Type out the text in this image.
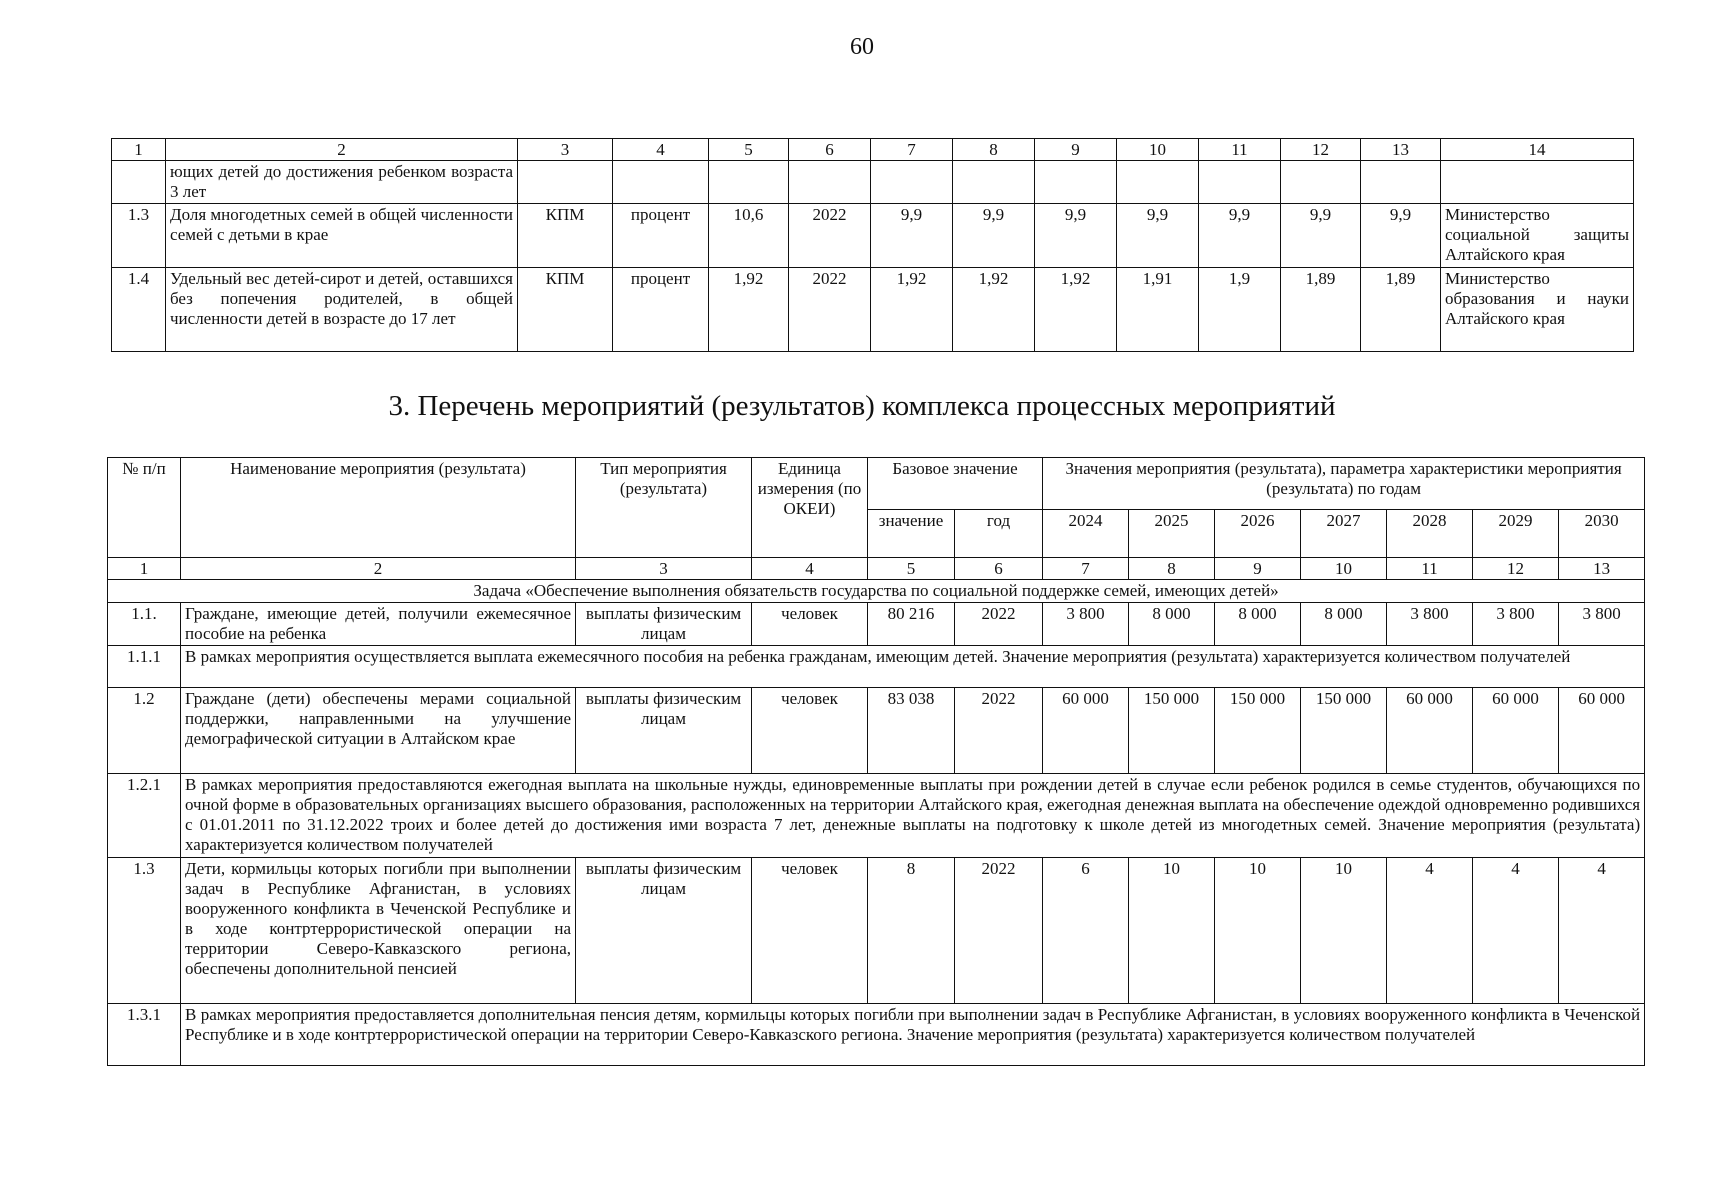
60
1	2	3	4	5	6	7	8	9	10	11	12	13	14
	ющих детей до достижения ребенком возраста 3 лет												
1.3	Доля многодетных семей в общей численности семей с детьми в крае	КПМ	процент	10,6	2022	9,9	9,9	9,9	9,9	9,9	9,9	9,9	Министерство социальной защиты Алтайского края
1.4	Удельный вес детей-сирот и детей, оставшихся без попечения родителей, в общей численности детей в возрасте до 17 лет	КПМ	процент	1,92	2022	1,92	1,92	1,92	1,91	1,9	1,89	1,89	Министерство образования и науки Алтайского края
3. Перечень мероприятий (результатов) комплекса процессных мероприятий
№ п/п	Наименование мероприятия (результата)	Тип мероприятия (результата)	Единица измерения (по ОКЕИ)	Базовое значение		Значения мероприятия (результата), параметра характеристики мероприятия (результата) по годам						
				значение	год	2024	2025	2026	2027	2028	2029	2030
1	2	3	4	5	6	7	8	9	10	11	12	13
Задача «Обеспечение выполнения обязательств государства по социальной поддержке семей, имеющих детей»												
1.1.	Граждане, имеющие детей, получили ежемесячное пособие на ребенка	выплаты физическим лицам	человек	80 216	2022	3 800	8 000	8 000	8 000	3 800	3 800	3 800
1.1.1	В рамках мероприятия осуществляется выплата ежемесячного пособия на ребенка гражданам, имеющим детей. Значение мероприятия (результата) характеризуется количеством получателей											
1.2	Граждане (дети) обеспечены мерами социальной поддержки, направленными на улучшение демографической ситуации в Алтайском крае	выплаты физическим лицам	человек	83 038	2022	60 000	150 000	150 000	150 000	60 000	60 000	60 000
1.2.1	В рамках мероприятия предоставляются ежегодная выплата на школьные нужды, единовременные выплаты при рождении детей в случае если ребенок родился в семье студентов, обучающихся по очной форме в образовательных организациях высшего образования, расположенных на территории Алтайского края, ежегодная денежная выплата на обеспечение одеждой одновременно родившихся с 01.01.2011 по 31.12.2022 троих и более детей до достижения ими возраста 7 лет, денежные выплаты на подготовку к школе детей из многодетных семей. Значение мероприятия (результата) характеризуется количеством получателей											
1.3	Дети, кормильцы которых погибли при выполнении задач в Республике Афганистан, в условиях вооруженного конфликта в Чеченской Республике и в ходе контртеррористической операции на территории Северо-Кавказского региона, обеспечены дополнительной пенсией	выплаты физическим лицам	человек	8	2022	6	10	10	10	4	4	4
1.3.1	В рамках мероприятия предоставляется дополнительная пенсия детям, кормильцы которых погибли при выполнении задач в Республике Афганистан, в условиях вооруженного конфликта в Чеченской Республике и в ходе контртеррористической операции на территории Северо-Кавказского региона. Значение мероприятия (результата) характеризуется количеством получателей											
